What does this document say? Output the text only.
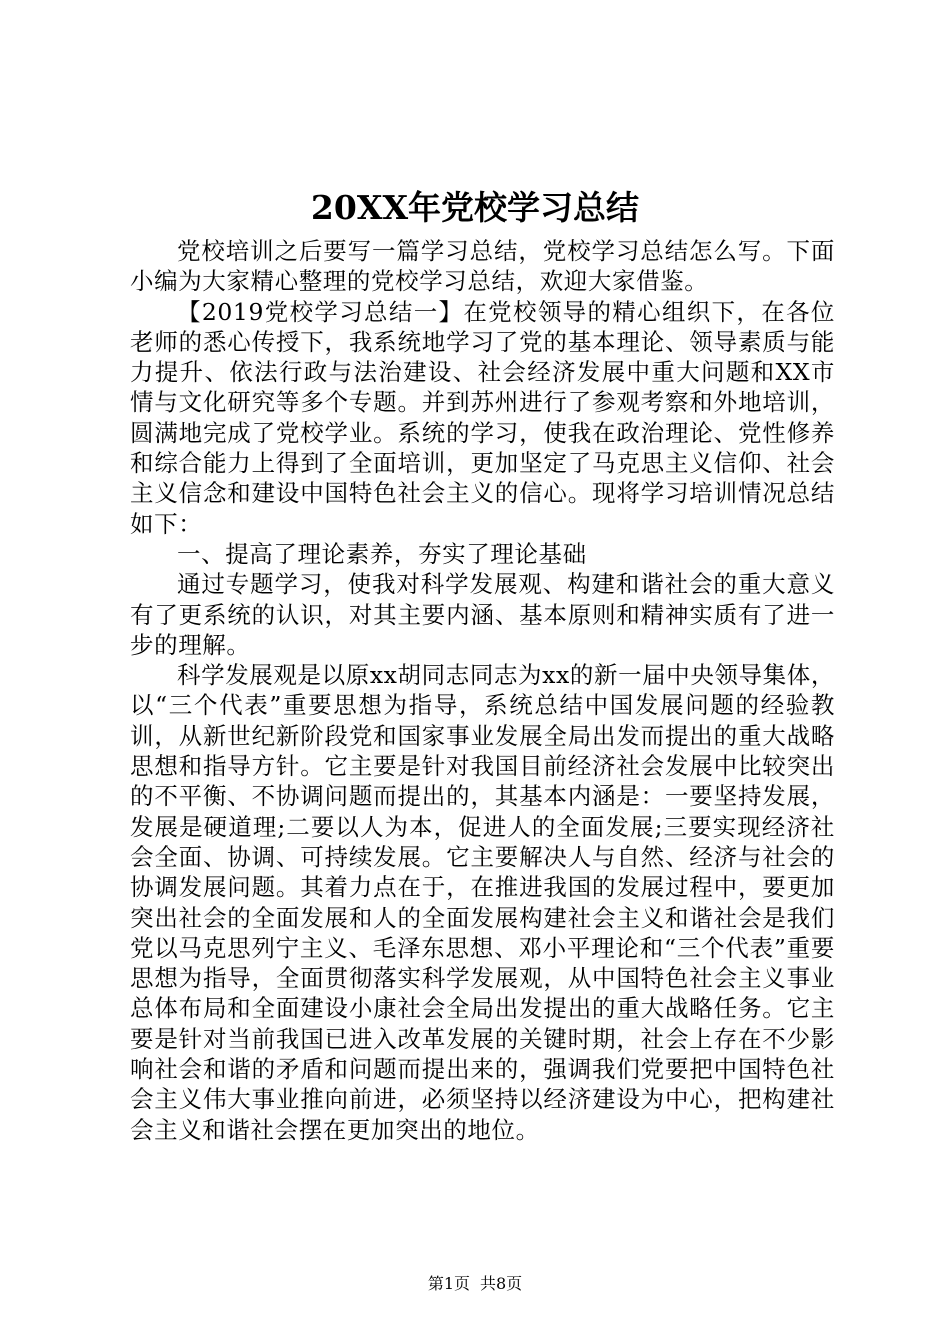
20XX年党校学习总结

党校培训之后要写一篇学习总结，党校学习总结怎么写。下面小编为大家精心整理的党校学习总结，欢迎大家借鉴。

【2019党校学习总结一】在党校领导的精心组织下，在各位老师的悉心传授下，我系统地学习了党的基本理论、领导素质与能力提升、依法行政与法治建设、社会经济发展中重大问题和XX市情与文化研究等多个专题。并到苏州进行了参观考察和外地培训，圆满地完成了党校学业。系统的学习，使我在政治理论、党性修养和综合能力上得到了全面培训，更加坚定了马克思主义信仰、社会主义信念和建设中国特色社会主义的信心。现将学习培训情况总结如下：

一、提高了理论素养，夯实了理论基础

通过专题学习，使我对科学发展观、构建和谐社会的重大意义有了更系统的认识，对其主要内涵、基本原则和精神实质有了进一步的理解。

科学发展观是以原xx胡同志同志为xx的新一届中央领导集体，以“三个代表”重要思想为指导，系统总结中国发展问题的经验教训，从新世纪新阶段党和国家事业发展全局出发而提出的重大战略思想和指导方针。它主要是针对我国目前经济社会发展中比较突出的不平衡、不协调问题而提出的，其基本内涵是：一要坚持发展，发展是硬道理;二要以人为本，促进人的全面发展;三要实现经济社会全面、协调、可持续发展。它主要解决人与自然、经济与社会的协调发展问题。其着力点在于，在推进我国的发展过程中，要更加突出社会的全面发展和人的全面发展构建社会主义和谐社会是我们党以马克思列宁主义、毛泽东思想、邓小平理论和“三个代表”重要思想为指导，全面贯彻落实科学发展观，从中国特色社会主义事业总体布局和全面建设小康社会全局出发提出的重大战略任务。它主要是针对当前我国已进入改革发展的关键时期，社会上存在不少影响社会和谐的矛盾和问题而提出来的，强调我们党要把中国特色社会主义伟大事业推向前进，必须坚持以经济建设为中心，把构建社会主义和谐社会摆在更加突出的地位。

第1页 共8页
